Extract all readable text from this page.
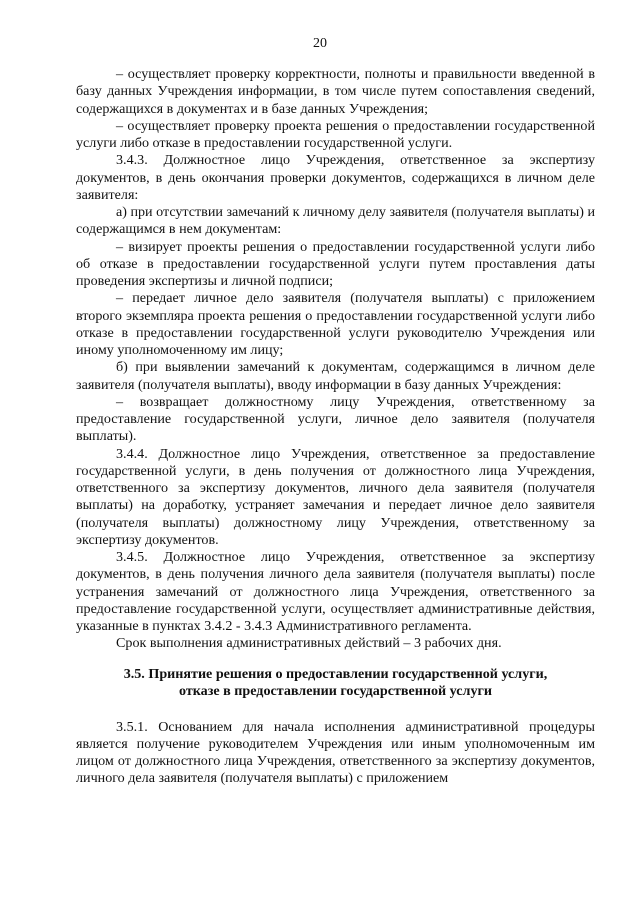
20

– осуществляет проверку корректности, полноты и правильности введенной в базу данных Учреждения информации, в том числе путем сопоставления сведений, содержащихся в документах и в базе данных Учреждения;

– осуществляет проверку проекта решения о предоставлении государственной услуги либо отказе в предоставлении государственной услуги.

3.4.3. Должностное лицо Учреждения, ответственное за экспертизу документов, в день окончания проверки документов, содержащихся в личном деле заявителя:

а) при отсутствии замечаний к личному делу заявителя (получателя выплаты) и содержащимся в нем документам:

– визирует проекты решения о предоставлении государственной услуги либо об отказе в предоставлении государственной услуги путем проставления даты проведения экспертизы и личной подписи;

– передает личное дело заявителя (получателя выплаты) с приложением второго экземпляра проекта решения о предоставлении государственной услуги либо отказе в предоставлении государственной услуги руководителю Учреждения или иному уполномоченному им лицу;

б) при выявлении замечаний к документам, содержащимся в личном деле заявителя (получателя выплаты), вводу информации в базу данных Учреждения:

– возвращает должностному лицу Учреждения, ответственному за предоставление государственной услуги, личное дело заявителя (получателя выплаты).

3.4.4. Должностное лицо Учреждения, ответственное за предоставление государственной услуги, в день получения от должностного лица Учреждения, ответственного за экспертизу документов, личного дела заявителя (получателя выплаты) на доработку, устраняет замечания и передает личное дело заявителя (получателя выплаты) должностному лицу Учреждения, ответственному за экспертизу документов.

3.4.5. Должностное лицо Учреждения, ответственное за экспертизу документов, в день получения личного дела заявителя (получателя выплаты) после устранения замечаний от должностного лица Учреждения, ответственного за предоставление государственной услуги, осуществляет административные действия, указанные в пунктах 3.4.2 - 3.4.3 Административного регламента.

Срок выполнения административных действий – 3 рабочих дня.

3.5. Принятие решения о предоставлении государственной услуги,
отказе в предоставлении государственной услуги

3.5.1. Основанием для начала исполнения административной процедуры является получение руководителем Учреждения или иным уполномоченным им лицом от должностного лица Учреждения, ответственного за экспертизу документов, личного дела заявителя (получателя выплаты) с приложением
